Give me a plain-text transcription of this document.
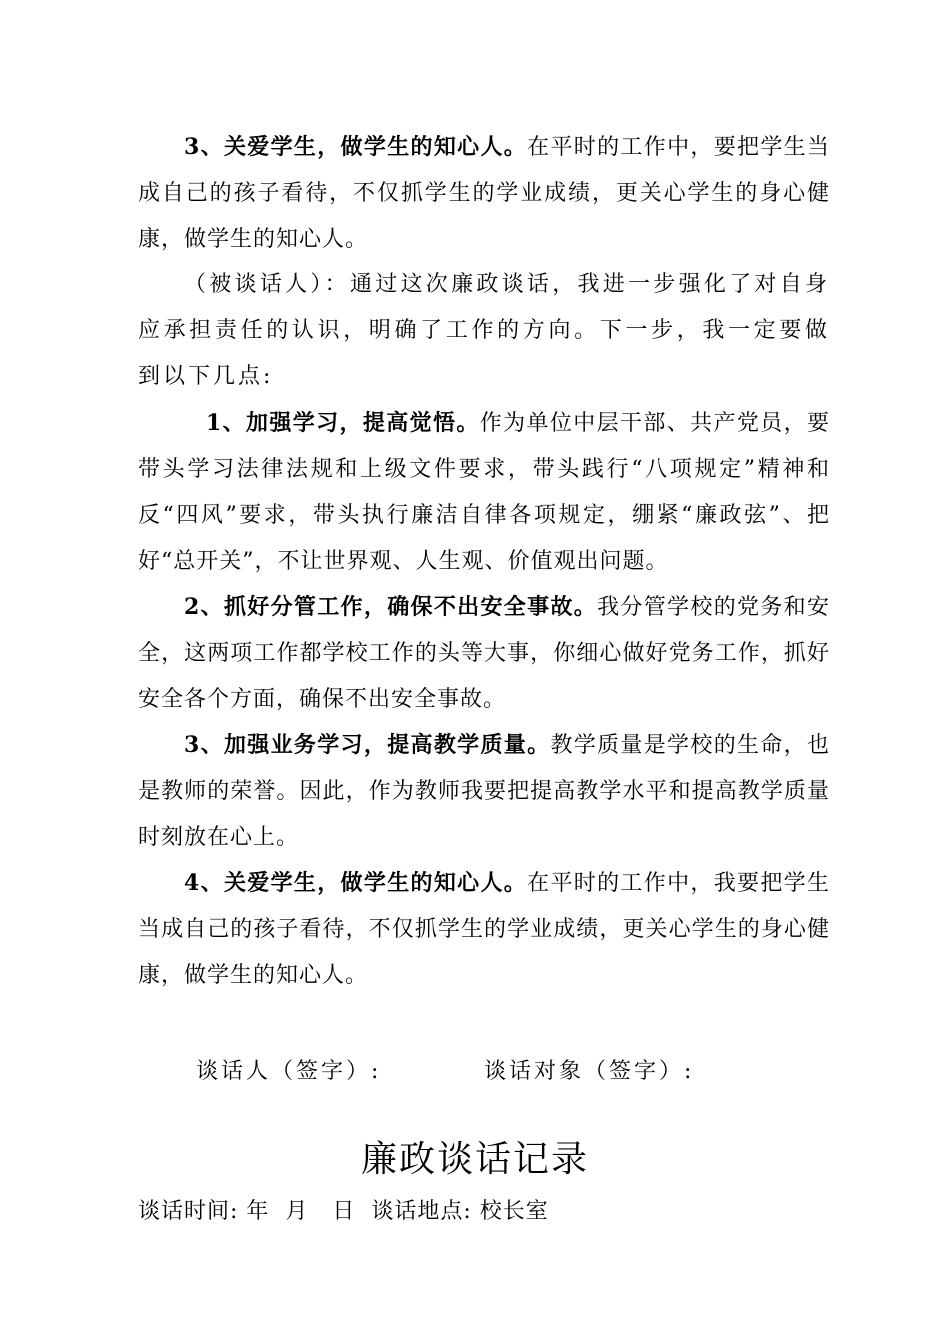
3、关爱学生，做学生的知心人。在平时的工作中，要把学生当成自己的孩子看待，不仅抓学生的学业成绩，更关心学生的身心健康，做学生的知心人。

（被谈话人）：通过这次廉政谈话，我进一步强化了对自身应承担责任的认识，明确了工作的方向。下一步，我一定要做到以下几点:

1、加强学习，提高觉悟。作为单位中层干部、共产党员，要带头学习法律法规和上级文件要求，带头践行“八项规定”精神和反“四风”要求，带头执行廉洁自律各项规定，绷紧“廉政弦”、把好“总开关”，不让世界观、人生观、价值观出问题。

2、抓好分管工作，确保不出安全事故。我分管学校的党务和安全，这两项工作都学校工作的头等大事，你细心做好党务工作，抓好安全各个方面，确保不出安全事故。

3、加强业务学习，提高教学质量。教学质量是学校的生命，也是教师的荣誉。因此，作为教师我要把提高教学水平和提高教学质量时刻放在心上。

4、关爱学生，做学生的知心人。在平时的工作中，我要把学生当成自己的孩子看待，不仅抓学生的学业成绩，更关心学生的身心健康，做学生的知心人。

谈话人（签字）:	谈话对象（签字）:
廉政谈话记录
谈话时间: 年  月   日  谈话地点: 校长室
